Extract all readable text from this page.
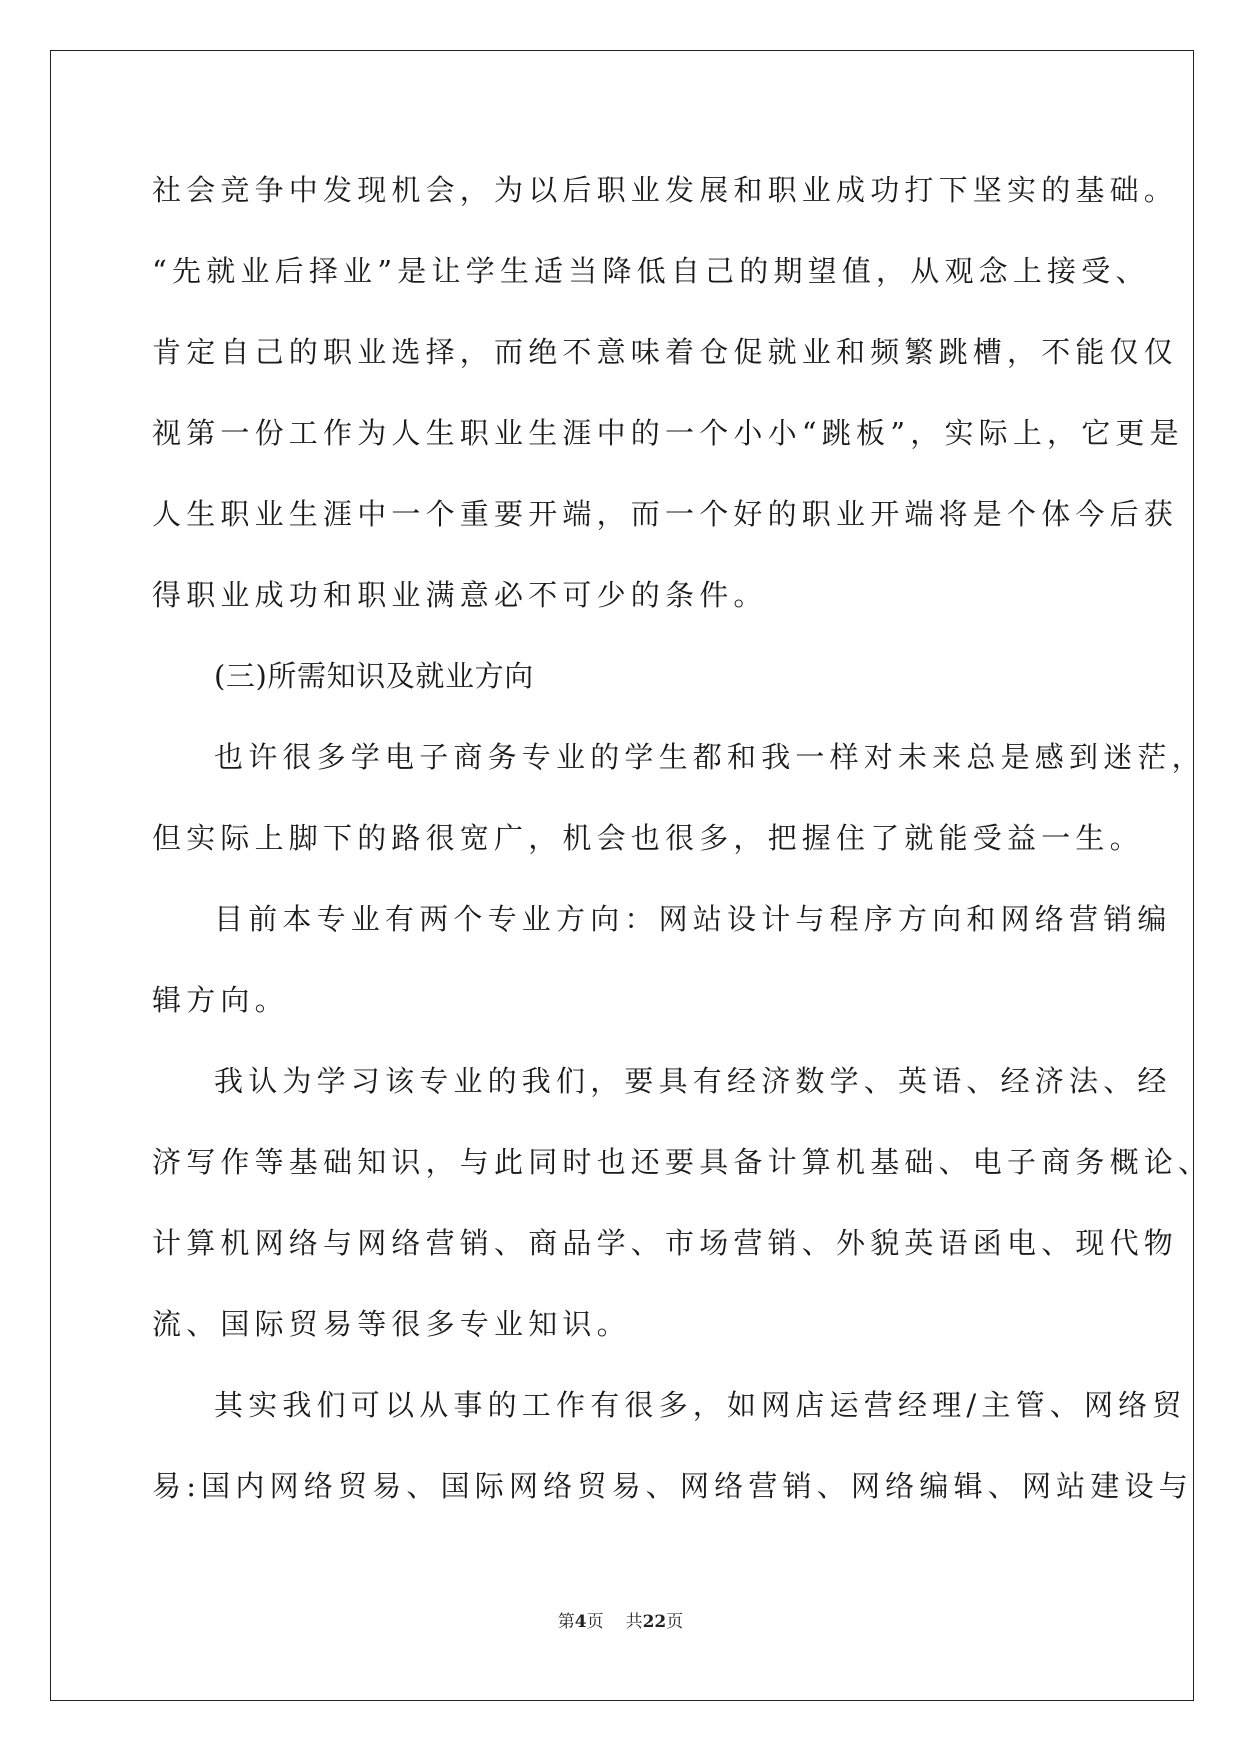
社会竞争中发现机会，为以后职业发展和职业成功打下坚实的基础。
“先就业后择业”是让学生适当降低自己的期望值，从观念上接受、
肯定自己的职业选择，而绝不意味着仓促就业和频繁跳槽，不能仅仅
视第一份工作为人生职业生涯中的一个小小“跳板”，实际上，它更是
人生职业生涯中一个重要开端，而一个好的职业开端将是个体今后获
得职业成功和职业满意必不可少的条件。
(三)所需知识及就业方向
也许很多学电子商务专业的学生都和我一样对未来总是感到迷茫，
但实际上脚下的路很宽广，机会也很多，把握住了就能受益一生。
目前本专业有两个专业方向：网站设计与程序方向和网络营销编
辑方向。
我认为学习该专业的我们，要具有经济数学、英语、经济法、经
济写作等基础知识，与此同时也还要具备计算机基础、电子商务概论、
计算机网络与网络营销、商品学、市场营销、外貌英语函电、现代物
流、国际贸易等很多专业知识。
其实我们可以从事的工作有很多，如网店运营经理/主管、网络贸
易:国内网络贸易、国际网络贸易、网络营销、网络编辑、网站建设与
第4页 共22页
